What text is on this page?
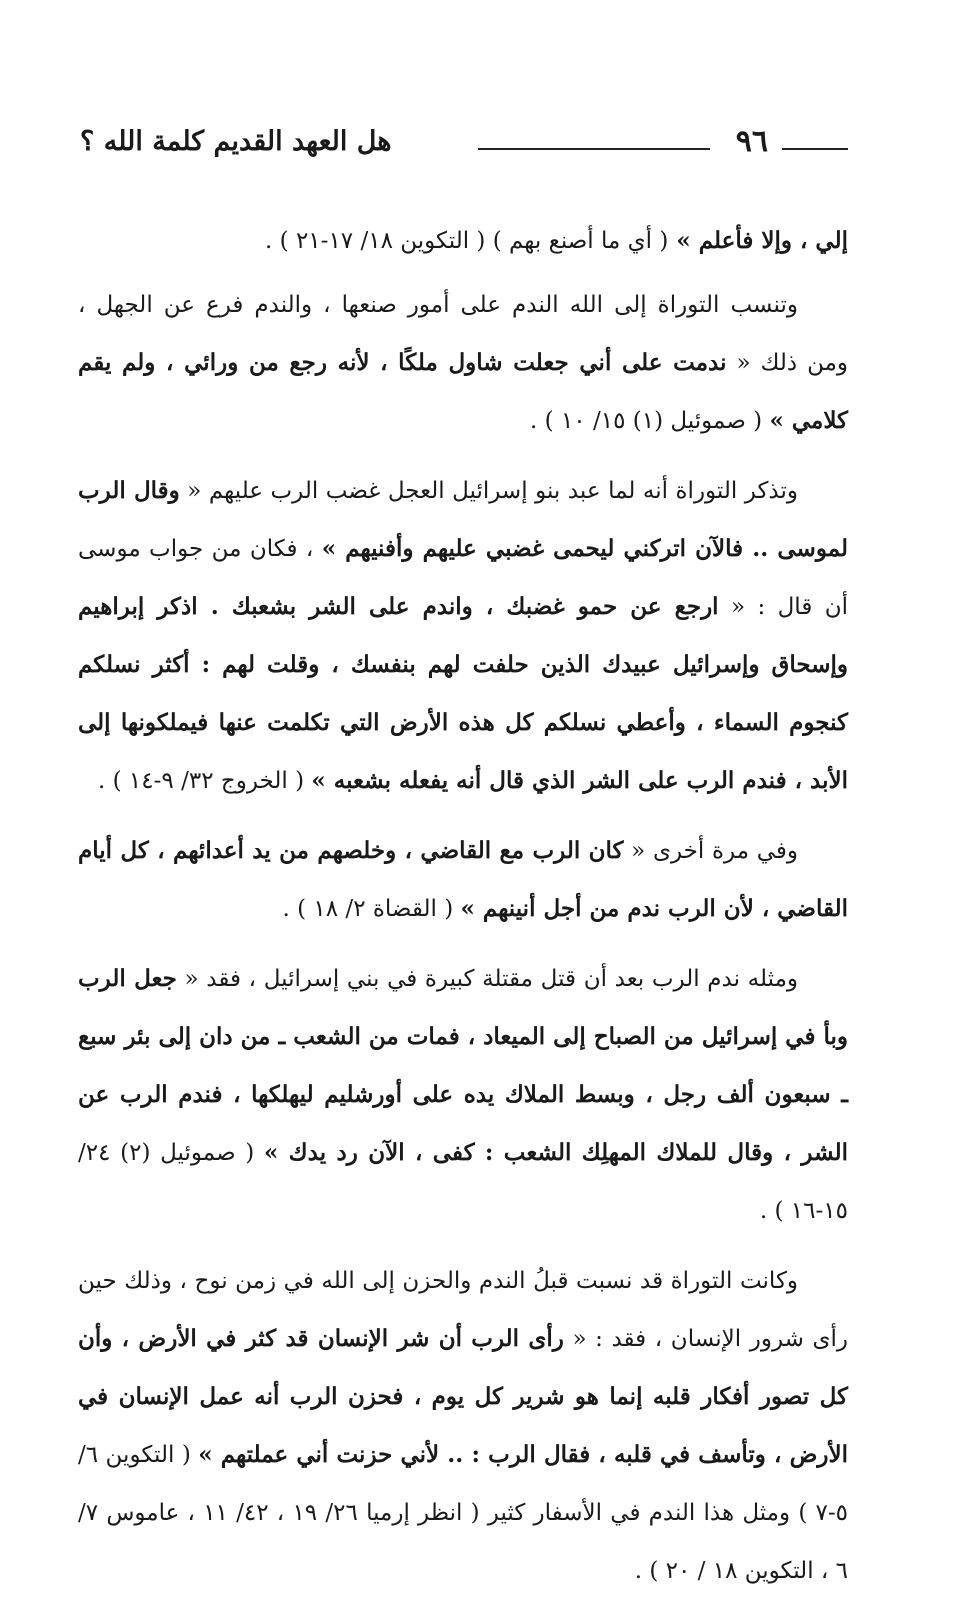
٩٦
هل العهد القديم كلمة الله ؟

إلي ، وإلا فأعلم » ( أي ما أصنع بهم ) ( التكوين ١٨/ ١٧-٢١ ) .

وتنسب التوراة إلى الله الندم على أمور صنعها ، والندم فرع عن الجهل ، ومن ذلك « ندمت على أني جعلت شاول ملكًا ، لأنه رجع من ورائي ، ولم يقم كلامي » ( صموئيل (١) ١٥/ ١٠ ) .

وتذكر التوراة أنه لما عبد بنو إسرائيل العجل غضب الرب عليهم « وقال الرب لموسى .. فالآن اتركني ليحمى غضبي عليهم وأفنيهم » ، فكان من جواب موسى أن قال : « ارجع عن حمو غضبك ، واندم على الشر بشعبك . اذكر إبراهيم وإسحاق وإسرائيل عبيدك الذين حلفت لهم بنفسك ، وقلت لهم : أكثر نسلكم كنجوم السماء ، وأعطي نسلكم كل هذه الأرض التي تكلمت عنها فيملكونها إلى الأبد ، فندم الرب على الشر الذي قال أنه يفعله بشعبه » ( الخروج ٣٢/ ٩-١٤ ) .

وفي مرة أخرى « كان الرب مع القاضي ، وخلصهم من يد أعدائهم ، كل أيام القاضي ، لأن الرب ندم من أجل أنينهم » ( القضاة ٢/ ١٨ ) .

ومثله ندم الرب بعد أن قتل مقتلة كبيرة في بني إسرائيل ، فقد « جعل الرب وبأ في إسرائيل من الصباح إلى الميعاد ، فمات من الشعب ـ من دان إلى بئر سبع ـ سبعون ألف رجل ، وبسط الملاك يده على أورشليم ليهلكها ، فندم الرب عن الشر ، وقال للملاك المهلِك الشعب : كفى ، الآن رد يدك » ( صموئيل (٢) ٢٤/ ١٥-١٦ ) .

وكانت التوراة قد نسبت قبلُ الندم والحزن إلى الله في زمن نوح ، وذلك حين رأى شرور الإنسان ، فقد : « رأى الرب أن شر الإنسان قد كثر في الأرض ، وأن كل تصور أفكار قلبه إنما هو شرير كل يوم ، فحزن الرب أنه عمل الإنسان في الأرض ، وتأسف في قلبه ، فقال الرب : .. لأني حزنت أني عملتهم » ( التكوين ٦/ ٥-٧ ) ومثل هذا الندم في الأسفار كثير ( انظر إرميا ٢٦/ ١٩ ، ٤٢/ ١١ ، عاموس ٧/ ٦ ، التكوين ١٨ / ٢٠ ) .
